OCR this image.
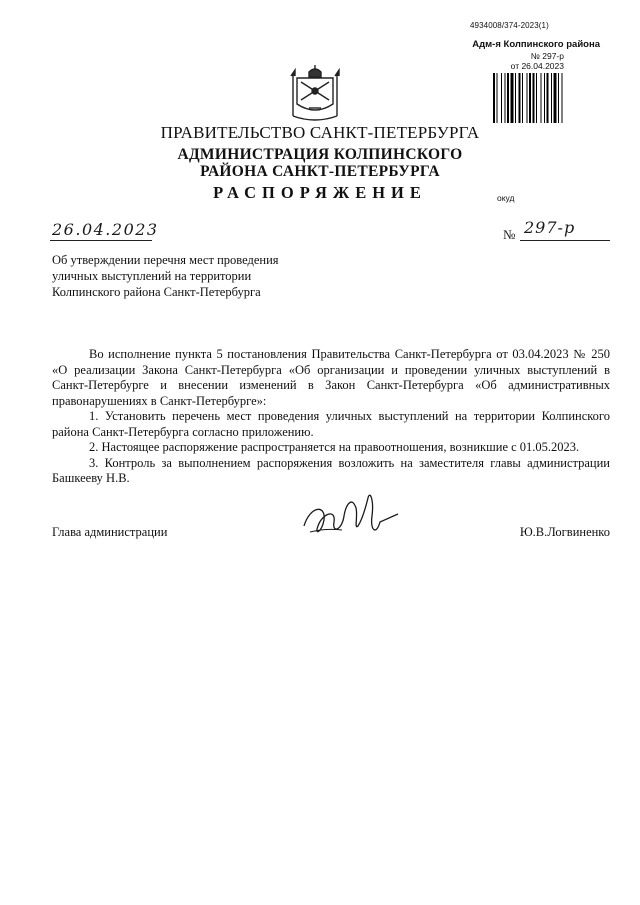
4934008/374-2023(1)
Адм-я Колпинского района
№ 297-р
от 26.04.2023
ПРАВИТЕЛЬСТВО САНКТ-ПЕТЕРБУРГА
АДМИНИСТРАЦИЯ КОЛПИНСКОГО
РАЙОНА САНКТ-ПЕТЕРБУРГА
РАСПОРЯЖЕНИЕ	окуд
26.04.2023	№ 297-р
Об утверждении перечня мест проведения
уличных выступлений на территории
Колпинского района Санкт-Петербурга

Во исполнение пункта 5 постановления Правительства Санкт-Петербурга от 03.04.2023 № 250 «О реализации Закона Санкт-Петербурга «Об организации и проведении уличных выступлений в Санкт-Петербурге и внесении изменений в Закон Санкт-Петербурга «Об административных правонарушениях в Санкт-Петербурге»:

1. Установить перечень мест проведения уличных выступлений на территории Колпинского района Санкт-Петербурга согласно приложению.

2. Настоящее распоряжение распространяется на правоотношения, возникшие с 01.05.2023.

3. Контроль за выполнением распоряжения возложить на заместителя главы администрации Башкееву Н.В.

Глава администрации	Ю.В.Логвиненко
